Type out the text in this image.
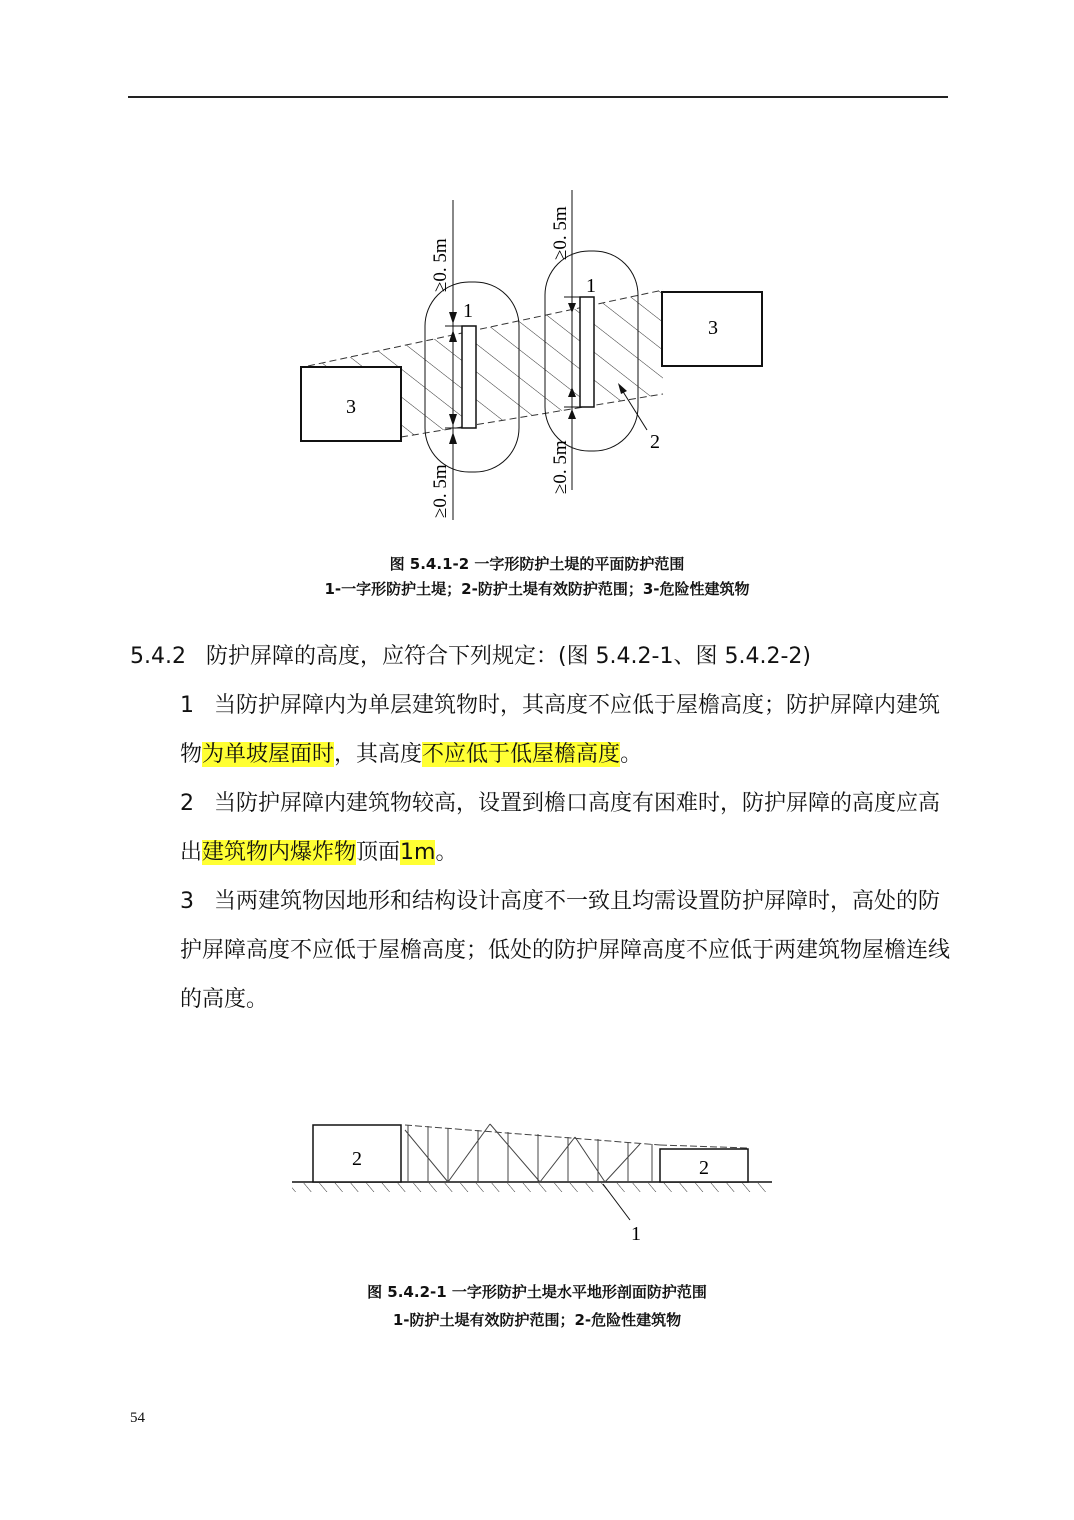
3
3
≥0. 5m
≥0. 5m
≥0. 5m
≥0. 5m
1
1
2
图 5.4.1-2 一字形防护土堤的平面防护范围
1-一字形防护土堤；2-防护土堤有效防护范围；3-危险性建筑物

5.4.2 防护屏障的高度，应符合下列规定：(图 5.4.2-1、图 5.4.2-2)

1 当防护屏障内为单层建筑物时，其高度不应低于屋檐高度；防护屏障内建筑物为单坡屋面时，其高度不应低于低屋檐高度。

2 当防护屏障内建筑物较高，设置到檐口高度有困难时，防护屏障的高度应高出建筑物内爆炸物顶面1m。

3 当两建筑物因地形和结构设计高度不一致且均需设置防护屏障时，高处的防护屏障高度不应低于屋檐高度；低处的防护屏障高度不应低于两建筑物屋檐连线的高度。

2	2
1
图 5.4.2-1 一字形防护土堤水平地形剖面防护范围
1-防护土堤有效防护范围；2-危险性建筑物
54
